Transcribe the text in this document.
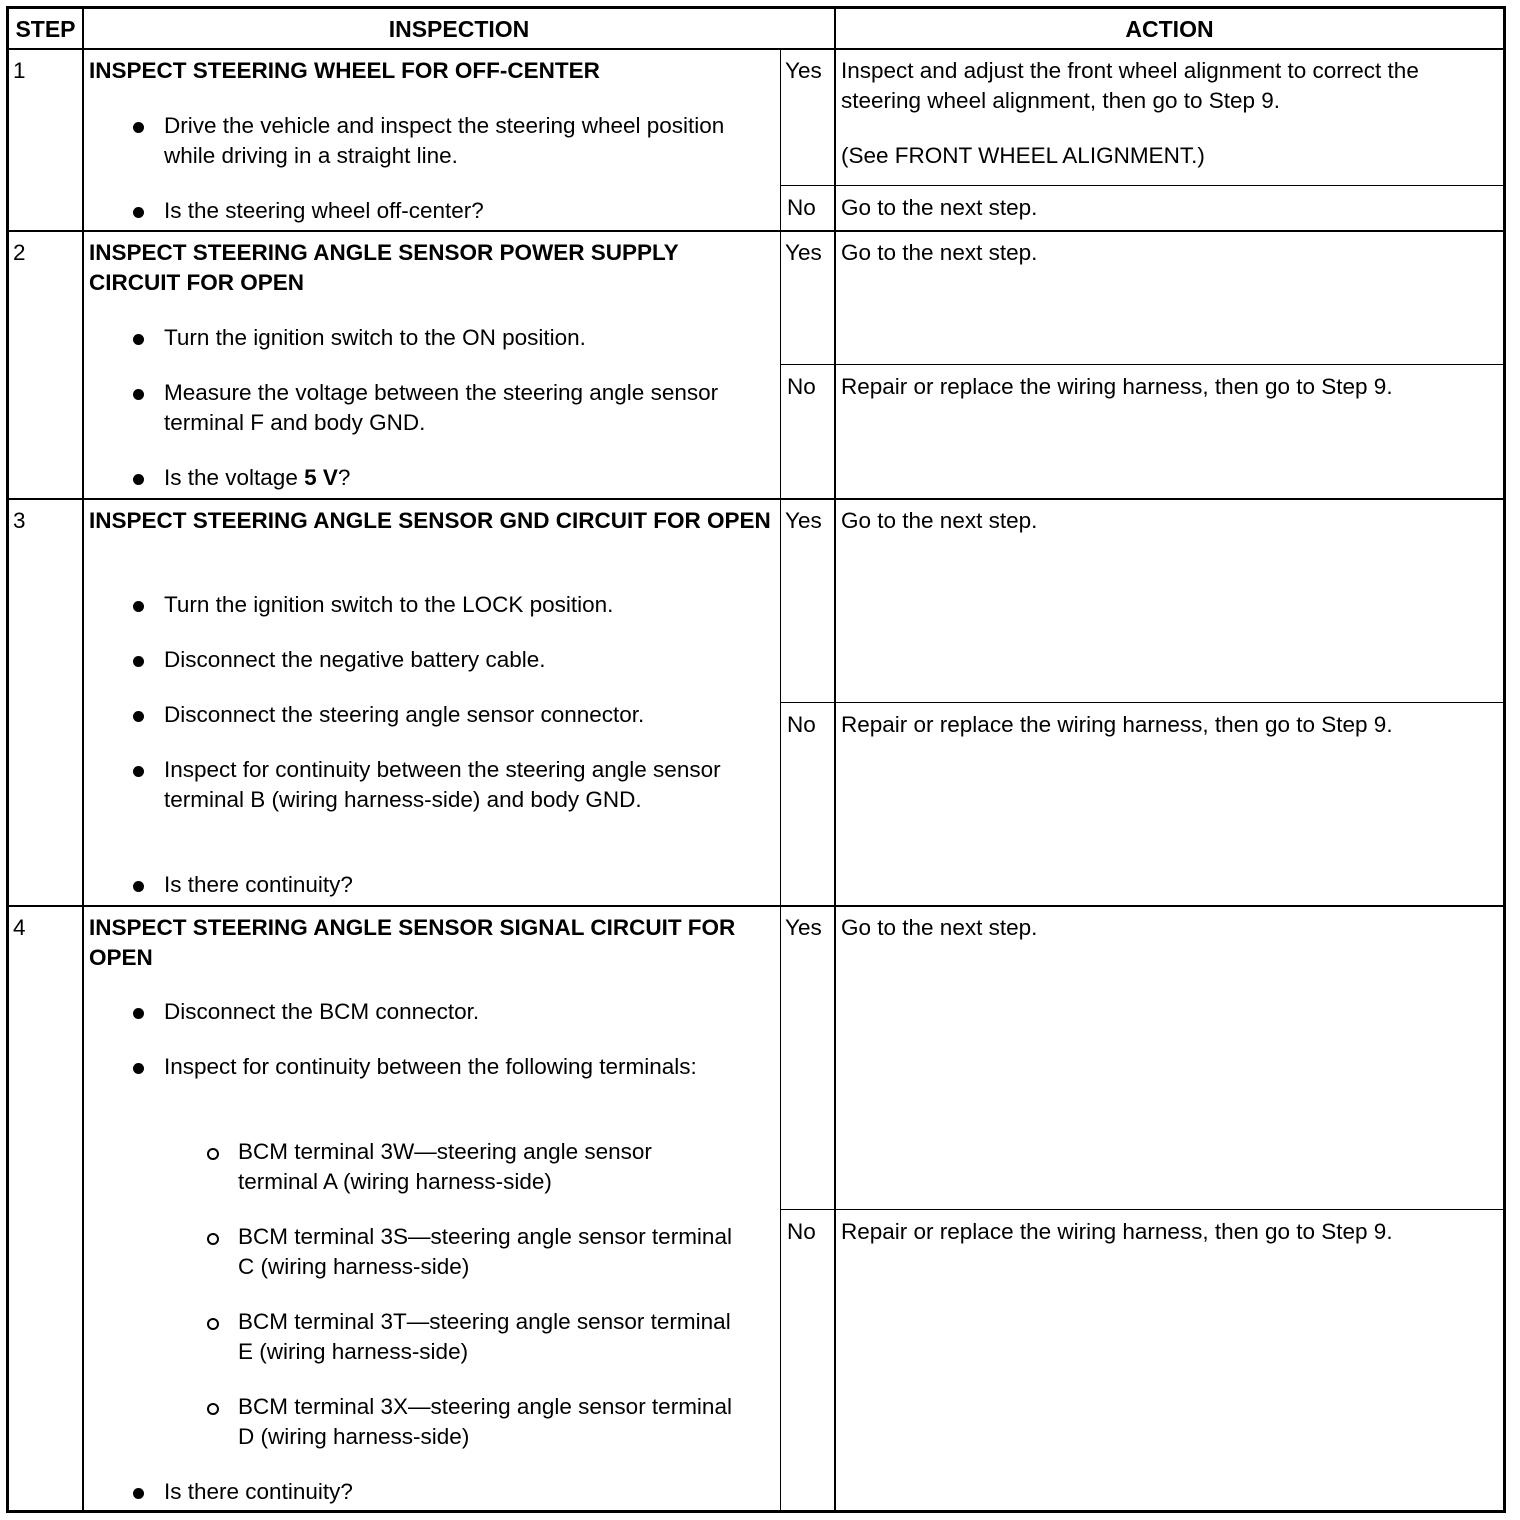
STEP	INSPECTION	ACTION
1	INSPECT STEERING WHEEL FOR OFF-CENTER
Drive the vehicle and inspect the steering wheel position while driving in a straight line.
Is the steering wheel off-center?
Yes Inspect and adjust the front wheel alignment to correct the steering wheel alignment, then go to Step 9.
(See FRONT WHEEL ALIGNMENT.)
No Go to the next step.
2	INSPECT STEERING ANGLE SENSOR POWER SUPPLY CIRCUIT FOR OPEN
Turn the ignition switch to the ON position.
Measure the voltage between the steering angle sensor terminal F and body GND.
Is the voltage 5 V?
Yes Go to the next step.
No Repair or replace the wiring harness, then go to Step 9.
3	INSPECT STEERING ANGLE SENSOR GND CIRCUIT FOR OPEN
Turn the ignition switch to the LOCK position.
Disconnect the negative battery cable.
Disconnect the steering angle sensor connector.
Inspect for continuity between the steering angle sensor terminal B (wiring harness-side) and body GND.
Is there continuity?
Yes Go to the next step.
No Repair or replace the wiring harness, then go to Step 9.
4	INSPECT STEERING ANGLE SENSOR SIGNAL CIRCUIT FOR OPEN
Disconnect the BCM connector.
Inspect for continuity between the following terminals:
BCM terminal 3W—steering angle sensor terminal A (wiring harness-side)
BCM terminal 3S—steering angle sensor terminal C (wiring harness-side)
BCM terminal 3T—steering angle sensor terminal E (wiring harness-side)
BCM terminal 3X—steering angle sensor terminal D (wiring harness-side)
Is there continuity?
Yes Go to the next step.
No Repair or replace the wiring harness, then go to Step 9.
